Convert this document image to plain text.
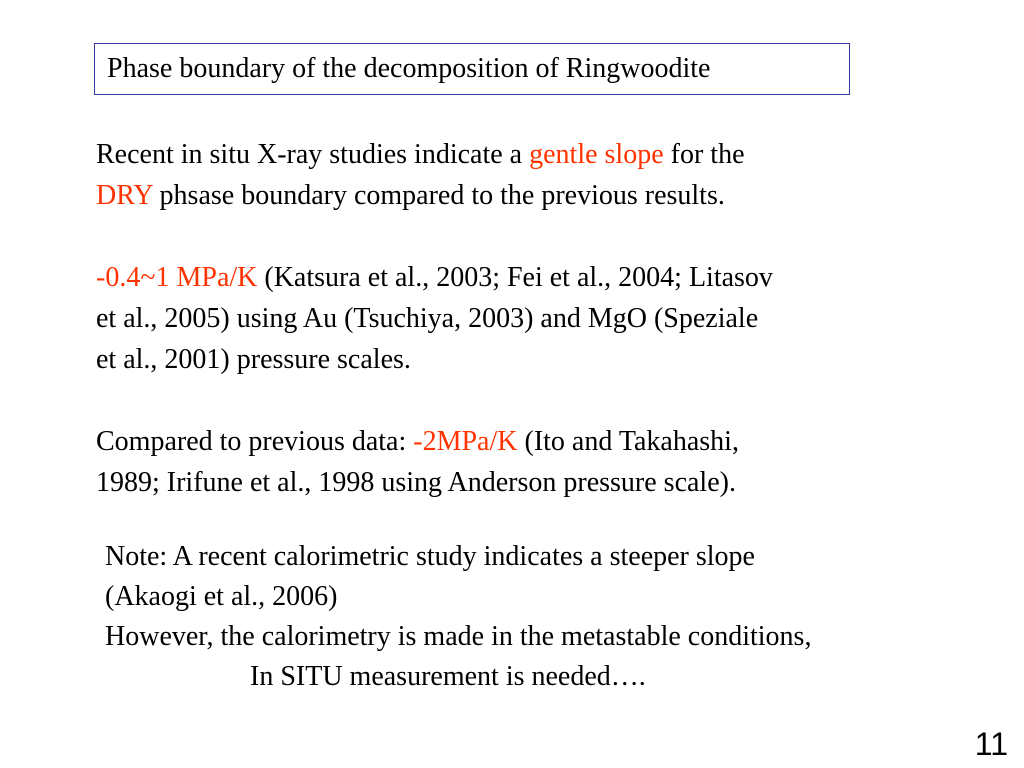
Phase boundary of the decomposition of Ringwoodite
Recent in situ X-ray studies indicate a gentle slope for the
DRY phsase boundary compared to the previous results.
-0.4~1 MPa/K (Katsura et al., 2003; Fei et al., 2004; Litasov
et al., 2005) using Au (Tsuchiya, 2003) and MgO (Speziale
et al., 2001) pressure scales.
Compared to previous data: -2MPa/K (Ito and Takahashi,
1989; Irifune et al., 1998 using Anderson pressure scale).
Note: A recent calorimetric study indicates a steeper slope
(Akaogi et al., 2006)
However, the calorimetry is made in the metastable conditions,
In SITU measurement is needed….
11
